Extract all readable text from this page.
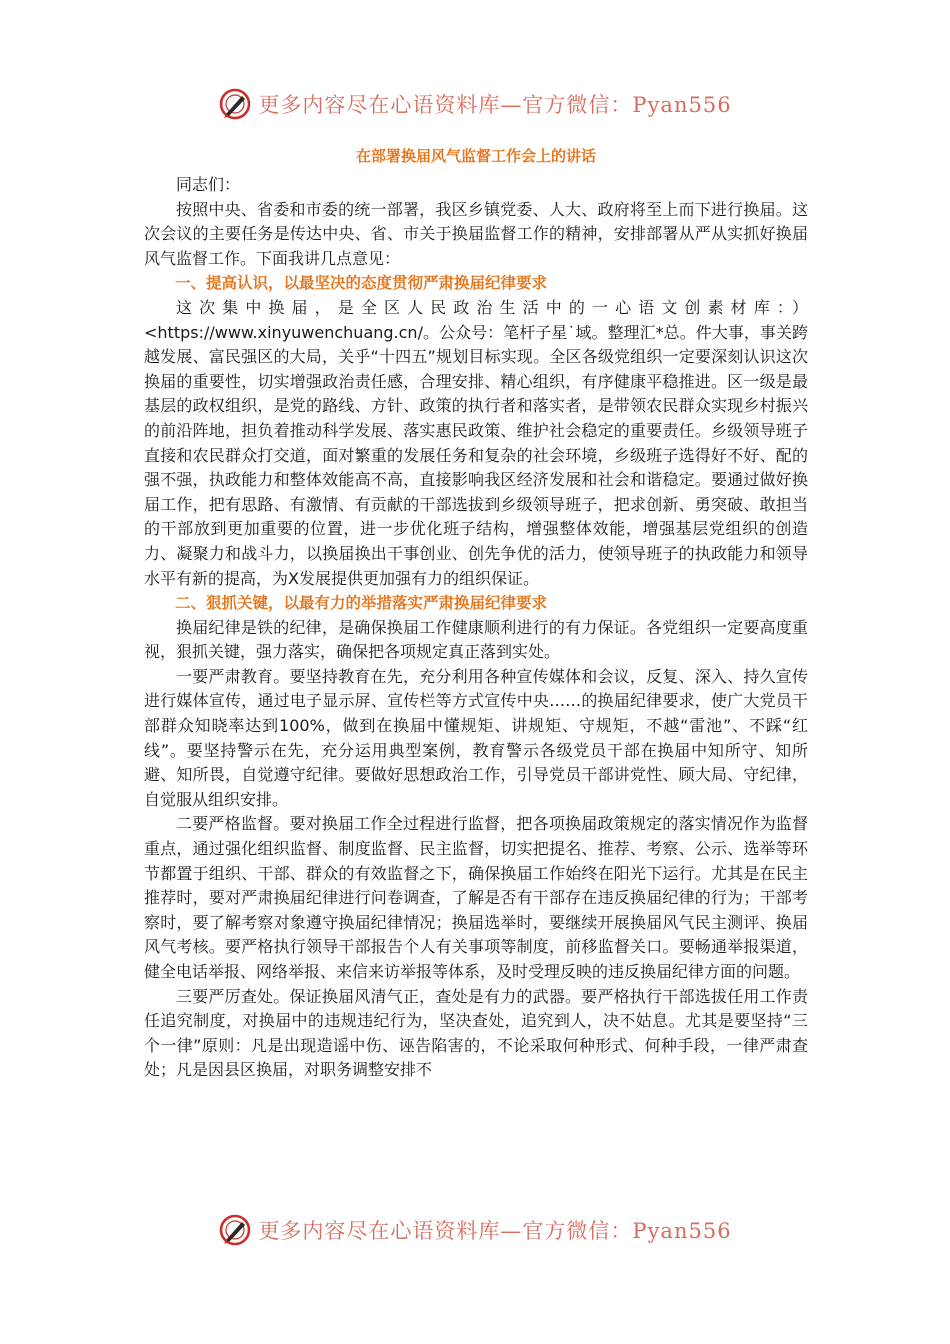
更多内容尽在心语资料库—官方微信：Pyan556
在部署换届风气监督工作会上的讲话

同志们：

按照中央、省委和市委的统一部署，我区乡镇党委、人大、政府将至上而下进行换届。这次会议的主要任务是传达中央、省、市关于换届监督工作的精神，安排部署从严从实抓好换届风气监督工作。下面我讲几点意见：

一、提高认识，以最坚决的态度贯彻严肃换届纪律要求

这次集中换届，是全区人民政治生活中的一心语文创素材库：）<https://www.xinyuwenchuang.cn/。公众号：笔杆子星˙域。整理汇*总。件大事，事关跨越发展、富民强区的大局，关乎“十四五”规划目标实现。全区各级党组织一定要深刻认识这次换届的重要性，切实增强政治责任感，合理安排、精心组织，有序健康平稳推进。区一级是最基层的政权组织，是党的路线、方针、政策的执行者和落实者，是带领农民群众实现乡村振兴的前沿阵地，担负着推动科学发展、落实惠民政策、维护社会稳定的重要责任。乡级领导班子直接和农民群众打交道，面对繁重的发展任务和复杂的社会环境，乡级班子选得好不好、配的强不强，执政能力和整体效能高不高，直接影响我区经济发展和社会和谐稳定。要通过做好换届工作，把有思路、有激情、有贡献的干部选拔到乡级领导班子，把求创新、勇突破、敢担当的干部放到更加重要的位置，进一步优化班子结构，增强整体效能，增强基层党组织的创造力、凝聚力和战斗力，以换届换出干事创业、创先争优的活力，使领导班子的执政能力和领导水平有新的提高，为X发展提供更加强有力的组织保证。

二、狠抓关键，以最有力的举措落实严肃换届纪律要求

换届纪律是铁的纪律，是确保换届工作健康顺利进行的有力保证。各党组织一定要高度重视，狠抓关键，强力落实，确保把各项规定真正落到实处。

一要严肃教育。要坚持教育在先，充分利用各种宣传媒体和会议，反复、深入、持久宣传进行媒体宣传，通过电子显示屏、宣传栏等方式宣传中央……的换届纪律要求，使广大党员干部群众知晓率达到100%，做到在换届中懂规矩、讲规矩、守规矩，不越“雷池”、不踩“红线”。要坚持警示在先，充分运用典型案例，教育警示各级党员干部在换届中知所守、知所避、知所畏，自觉遵守纪律。要做好思想政治工作，引导党员干部讲党性、顾大局、守纪律，自觉服从组织安排。

二要严格监督。要对换届工作全过程进行监督，把各项换届政策规定的落实情况作为监督重点，通过强化组织监督、制度监督、民主监督，切实把提名、推荐、考察、公示、选举等环节都置于组织、干部、群众的有效监督之下，确保换届工作始终在阳光下运行。尤其是在民主推荐时，要对严肃换届纪律进行问卷调查，了解是否有干部存在违反换届纪律的行为；干部考察时，要了解考察对象遵守换届纪律情况；换届选举时，要继续开展换届风气民主测评、换届风气考核。要严格执行领导干部报告个人有关事项等制度，前移监督关口。要畅通举报渠道，健全电话举报、网络举报、来信来访举报等体系，及时受理反映的违反换届纪律方面的问题。

三要严厉查处。保证换届风清气正，查处是有力的武器。要严格执行干部选拔任用工作责任追究制度，对换届中的违规违纪行为，坚决查处，追究到人，决不姑息。尤其是要坚持“三个一律”原则：凡是出现造谣中伤、诬告陷害的，不论采取何种形式、何种手段，一律严肃查处；凡是因县区换届，对职务调整安排不

更多内容尽在心语资料库—官方微信：Pyan556
